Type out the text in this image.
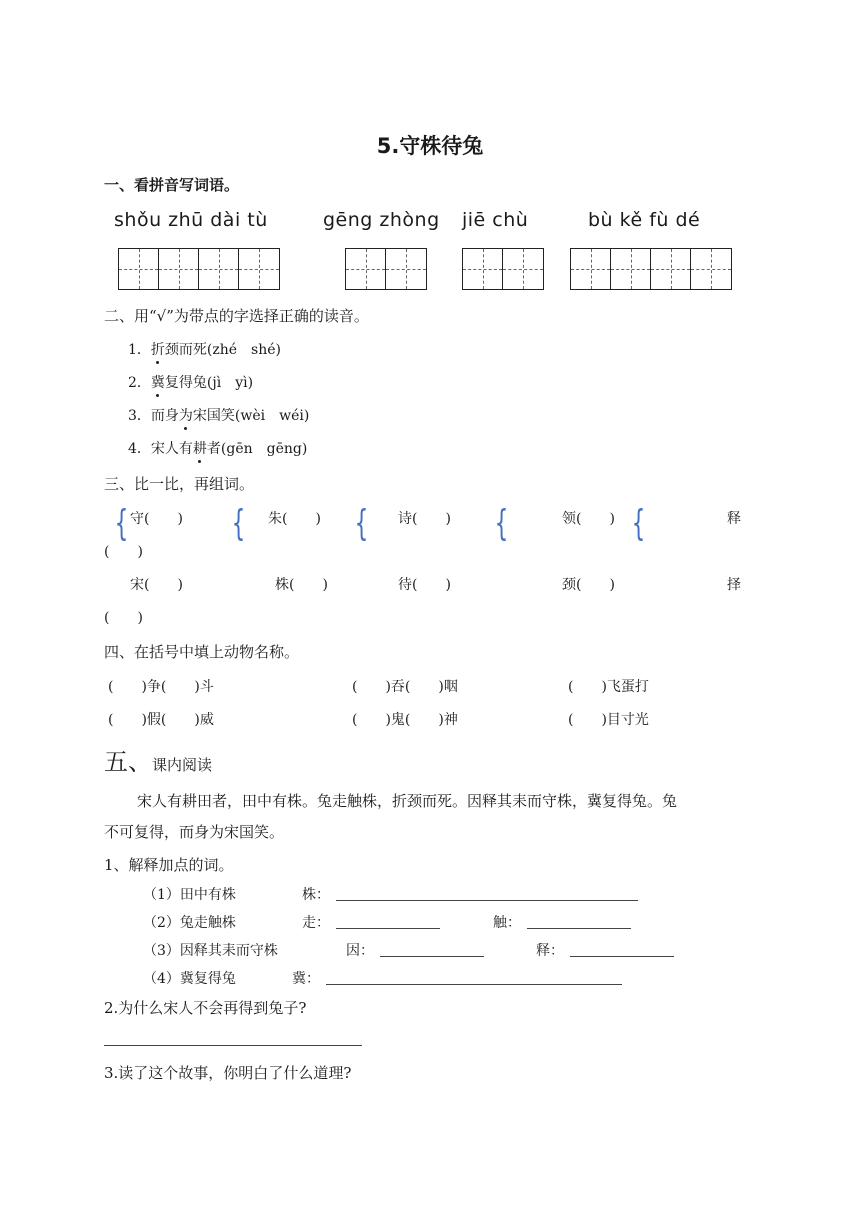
5.守株待兔
一、看拼音写词语。
shǒu zhū dài tù	gēng zhòng jiē chù	bù kě fù dé
二、用“√”为带点的字选择正确的读音。
1．折颈而死(zhé　shé)
2．冀复得兔(jì　yì)
3．而身为宋国笑(wèi　wéi)
4．宋人有耕者(gēn　gēng)
三、比一比，再组词。
{	{	{	{	{
守(　　)	朱(　　)	诗(　　)	领(　　)	释
(　　)
宋(　　)	株(　　)	待(　　)	颈(　　)	择
(　　)
四、在括号中填上动物名称。
(　　)争(　　)斗	(　　)吞(　　)咽	(　　)飞蛋打
(　　)假(　　)威	(　　)鬼(　　)神	(　　)目寸光
五、课内阅读
宋人有耕田者，田中有株。兔走触株，折颈而死。因释其耒而守株，冀复得兔。兔
不可复得，而身为宋国笑。
1、解释加点的词。
（1）田中有株	株：
（2）兔走触株	走：	触：
（3）因释其耒而守株	因：	释：
（4）冀复得兔	冀：
2.为什么宋人不会再得到兔子?
3.读了这个故事，你明白了什么道理?
